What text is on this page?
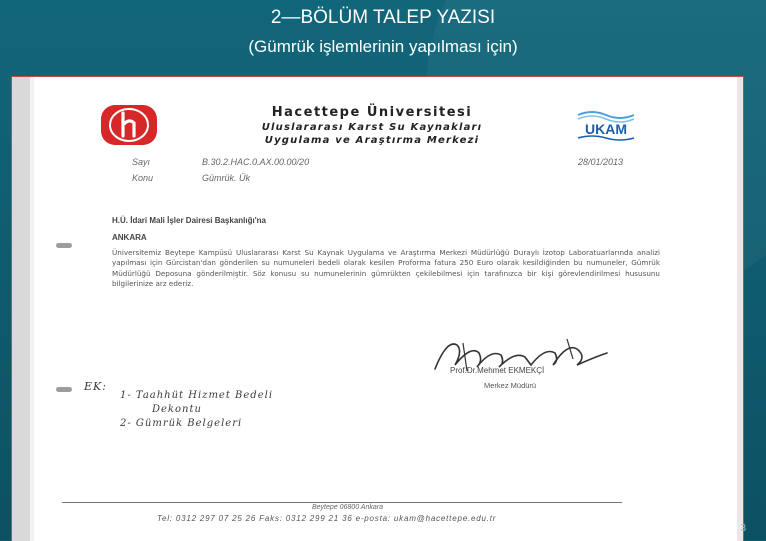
2—BÖLÜM TALEP YAZISI
(Gümrük işlemlerinin yapılması için)
Hacettepe Üniversitesi
Uluslararası Karst Su Kaynakları
Uygulama ve Araştırma Merkezi
UKAM
Sayı	B.30.2.HAC.0.AX.00.00/20
Konu	Gümrük. Ük
28/01/2013
H.Ü. İdari Mali İşler Dairesi Başkanlığı'na
ANKARA
Üniversitemiz Beytepe Kampüsü Uluslararası Karst Su Kaynak Uygulama ve Araştırma Merkezi Müdürlüğü Duraylı İzotop Laboratuarlarında analizi yapılması için Gürcistan'dan gönderilen su numuneleri bedeli olarak kesilen Proforma fatura 250 Euro olarak kesildiğinden bu numuneler, Gümrük Müdürlüğü Deposuna gönderilmiştir. Söz konusu su numunelerinin gümrükten çekilebilmesi için tarafınızca bir kişi görevlendirilmesi hususunu bilgilerinize arz ederiz.
Prof.Dr.Mehmet EKMEKÇİ
Merkez Müdürü
EK:
1- Taahhüt Hizmet Bedeli
Dekontu
2- Gümrük Belgeleri
Beytepe 06800 Ankara
Tel: 0312 297 07 25 26 Faks: 0312 299 21 36 e-posta: ukam@hacettepe.edu.tr
3
